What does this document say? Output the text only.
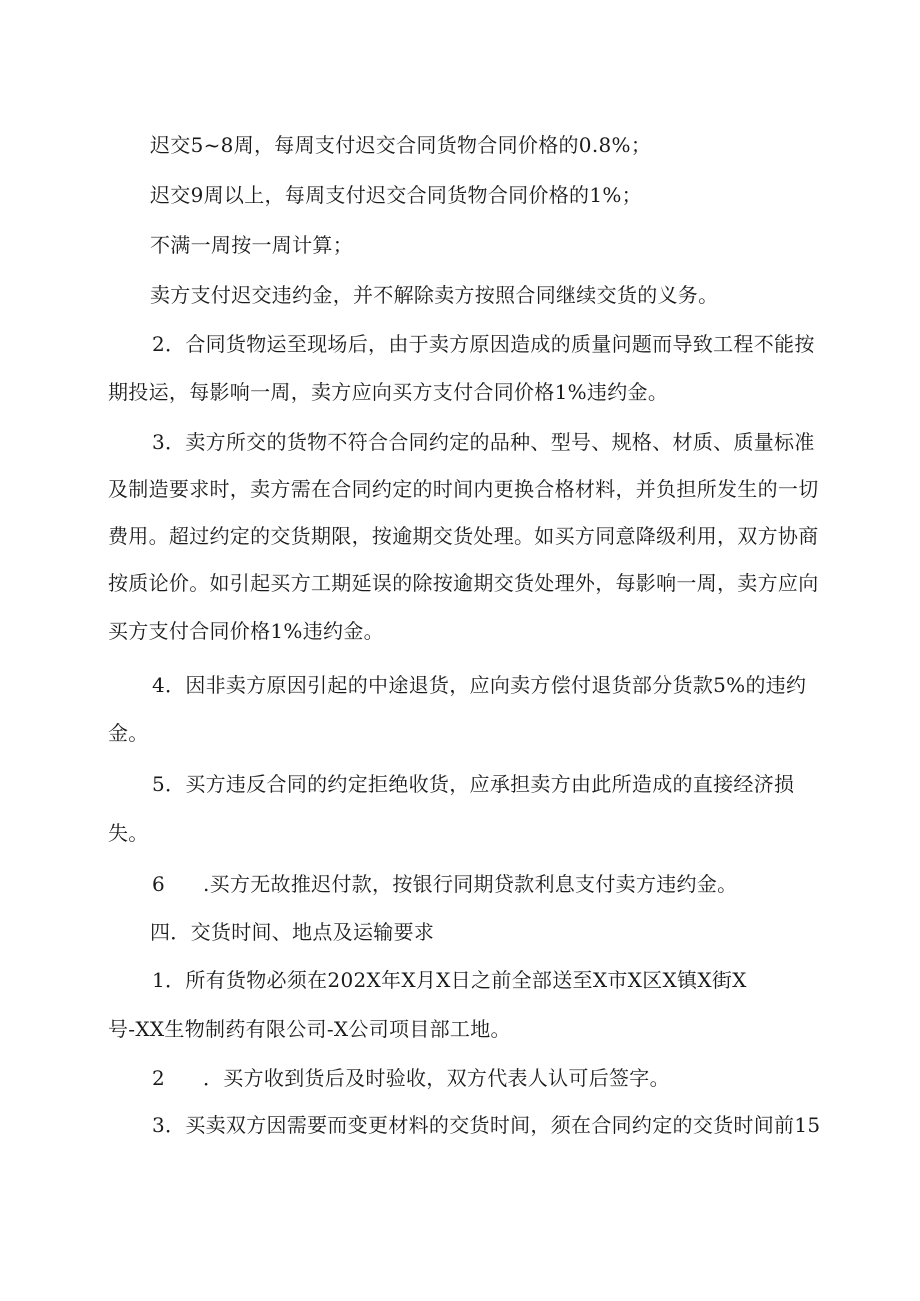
迟交5~8周，每周支付迟交合同货物合同价格的0.8%；
迟交9周以上，每周支付迟交合同货物合同价格的1%；
不满一周按一周计算；
卖方支付迟交违约金，并不解除卖方按照合同继续交货的义务。
2．合同货物运至现场后，由于卖方原因造成的质量问题而导致工程不能按
期投运，每影响一周，卖方应向买方支付合同价格1%违约金。
3．卖方所交的货物不符合合同约定的品种、型号、规格、材质、质量标准
及制造要求时，卖方需在合同约定的时间内更换合格材料，并负担所发生的一切
费用。超过约定的交货期限，按逾期交货处理。如买方同意降级利用，双方协商
按质论价。如引起买方工期延误的除按逾期交货处理外，每影响一周，卖方应向
买方支付合同价格1%违约金。
4．因非卖方原因引起的中途退货，应向卖方偿付退货部分货款5%的违约
金。
5．买方违反合同的约定拒绝收货，应承担卖方由此所造成的直接经济损
失。
6 .买方无故推迟付款，按银行同期贷款利息支付卖方违约金。
四．交货时间、地点及运输要求
1．所有货物必须在202X年X月X日之前全部送至X市X区X镇X街X
号-XX生物制药有限公司-X公司项目部工地。
2 ．买方收到货后及时验收，双方代表人认可后签字。
3．买卖双方因需要而变更材料的交货时间，须在合同约定的交货时间前15
